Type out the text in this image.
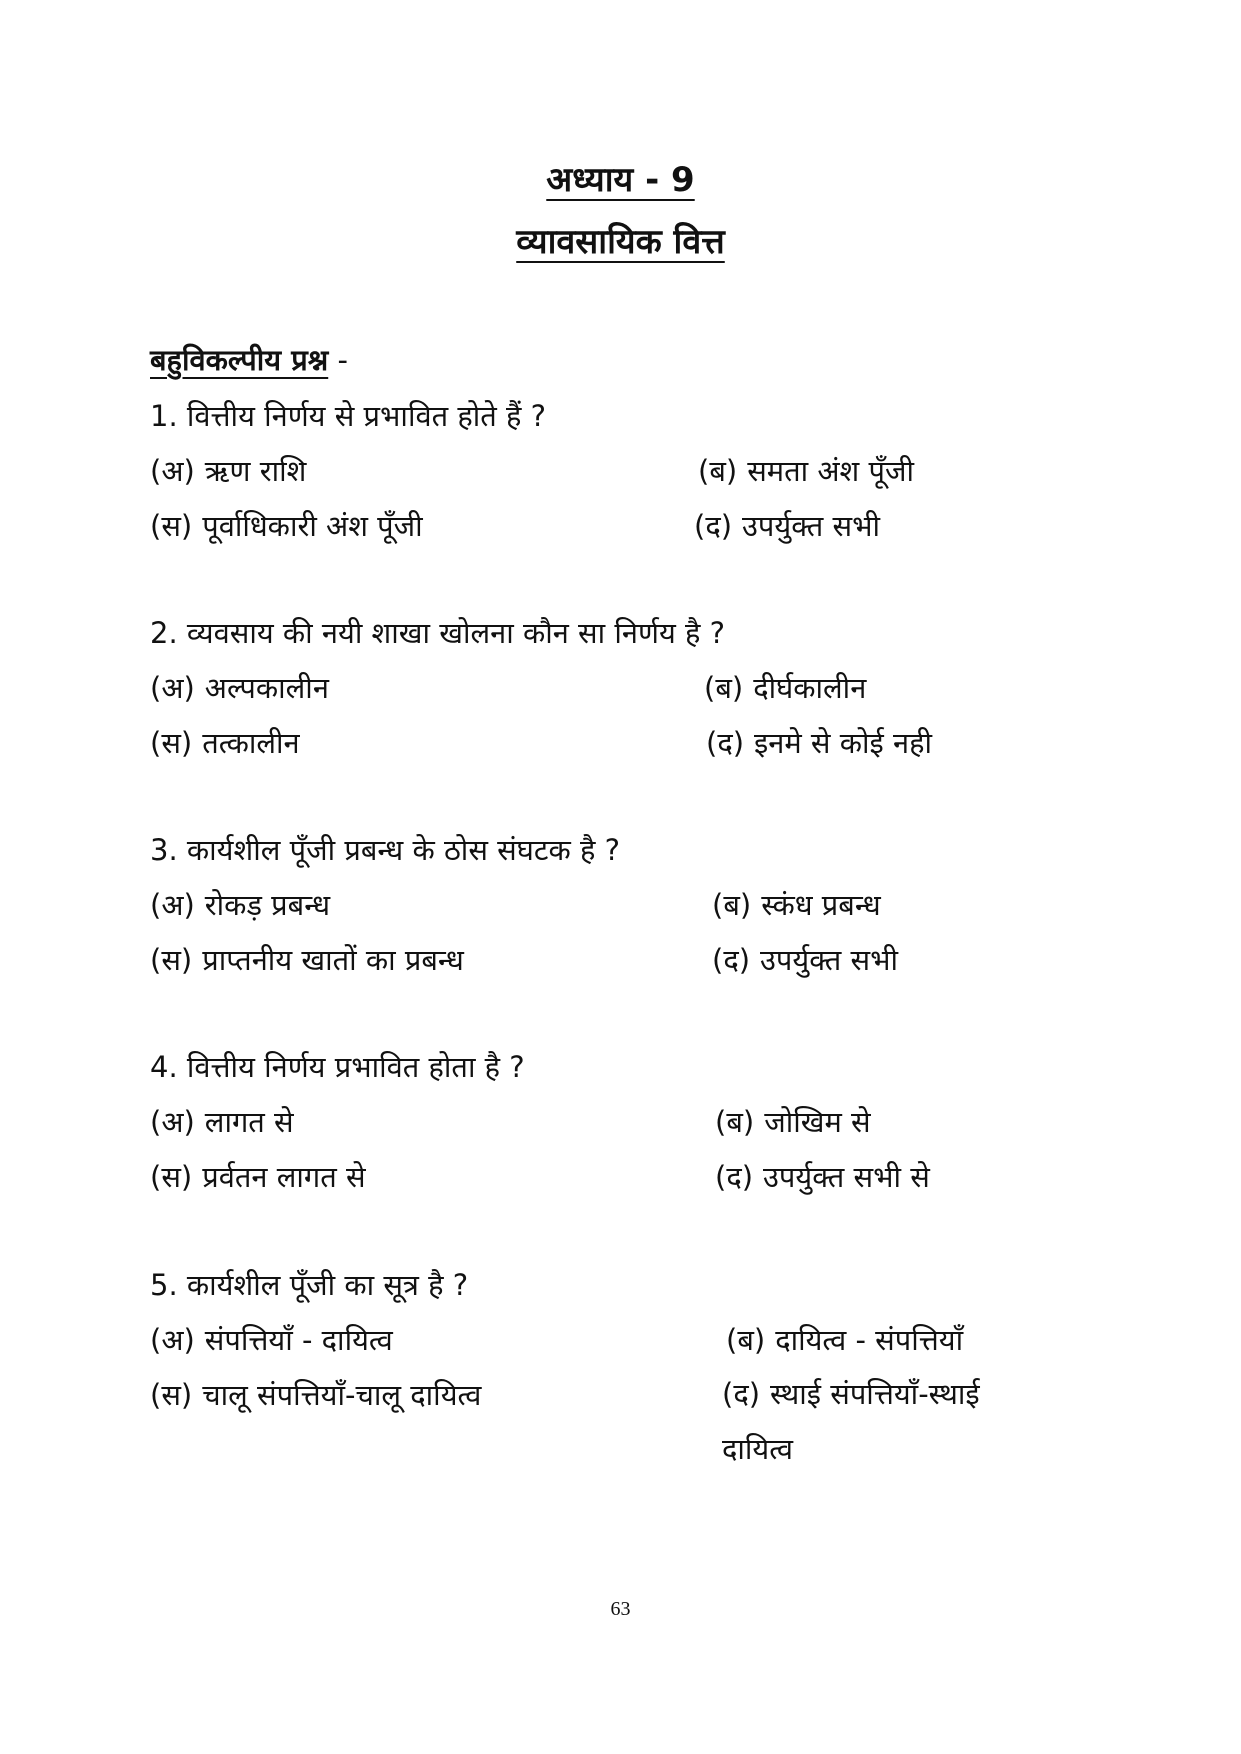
अध्याय - 9
व्यावसायिक वित्त
बहुविकल्पीय प्रश्न -
1. वित्तीय निर्णय से प्रभावित होते हैं ?
(अ) ऋण राशि	(ब) समता अंश पूँजी
(स) पूर्वाधिकारी अंश पूँजी	(द) उपर्युक्त सभी
2. व्यवसाय की नयी शाखा खोलना कौन सा निर्णय है ?
(अ) अल्पकालीन	(ब) दीर्घकालीन
(स) तत्कालीन	(द) इनमे से कोई नही
3. कार्यशील पूँजी प्रबन्ध के ठोस संघटक है ?
(अ) रोकड़ प्रबन्ध	(ब) स्कंध प्रबन्ध
(स) प्राप्तनीय खातों का प्रबन्ध	(द) उपर्युक्त सभी
4. वित्तीय निर्णय प्रभावित होता है ?
(अ) लागत से	(ब) जोखिम से
(स) प्रर्वतन लागत से	(द) उपर्युक्त सभी से
5. कार्यशील पूँजी का सूत्र है ?
(अ) संपत्तियाँ - दायित्व	(ब) दायित्व - संपत्तियाँ
(स) चालू संपत्तियाँ-चालू दायित्व	(द) स्थाई संपत्तियाँ-स्थाई दायित्व
63
